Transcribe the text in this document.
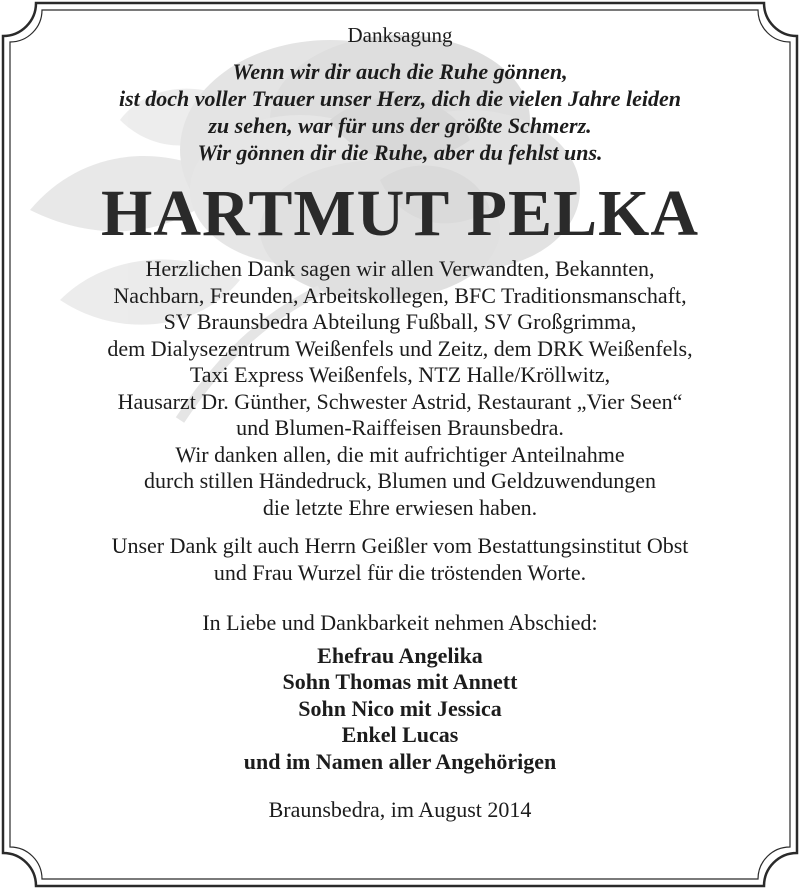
Danksagung
Wenn wir dir auch die Ruhe gönnen,
ist doch voller Trauer unser Herz, dich die vielen Jahre leiden
zu sehen, war für uns der größte Schmerz.
Wir gönnen dir die Ruhe, aber du fehlst uns.
HARTMUT PELKA
Herzlichen Dank sagen wir allen Verwandten, Bekannten,
Nachbarn, Freunden, Arbeitskollegen, BFC Traditionsmanschaft,
SV Braunsbedra Abteilung Fußball, SV Großgrimma,
dem Dialysezentrum Weißenfels und Zeitz, dem DRK Weißenfels,
Taxi Express Weißenfels, NTZ Halle/Kröllwitz,
Hausarzt Dr. Günther, Schwester Astrid, Restaurant „Vier Seen“
und Blumen-Raiffeisen Braunsbedra.
Wir danken allen, die mit aufrichtiger Anteilnahme
durch stillen Händedruck, Blumen und Geldzuwendungen
die letzte Ehre erwiesen haben.
Unser Dank gilt auch Herrn Geißler vom Bestattungsinstitut Obst
und Frau Wurzel für die tröstenden Worte.
In Liebe und Dankbarkeit nehmen Abschied:
Ehefrau Angelika
Sohn Thomas mit Annett
Sohn Nico mit Jessica
Enkel Lucas
und im Namen aller Angehörigen
Braunsbedra, im August 2014
